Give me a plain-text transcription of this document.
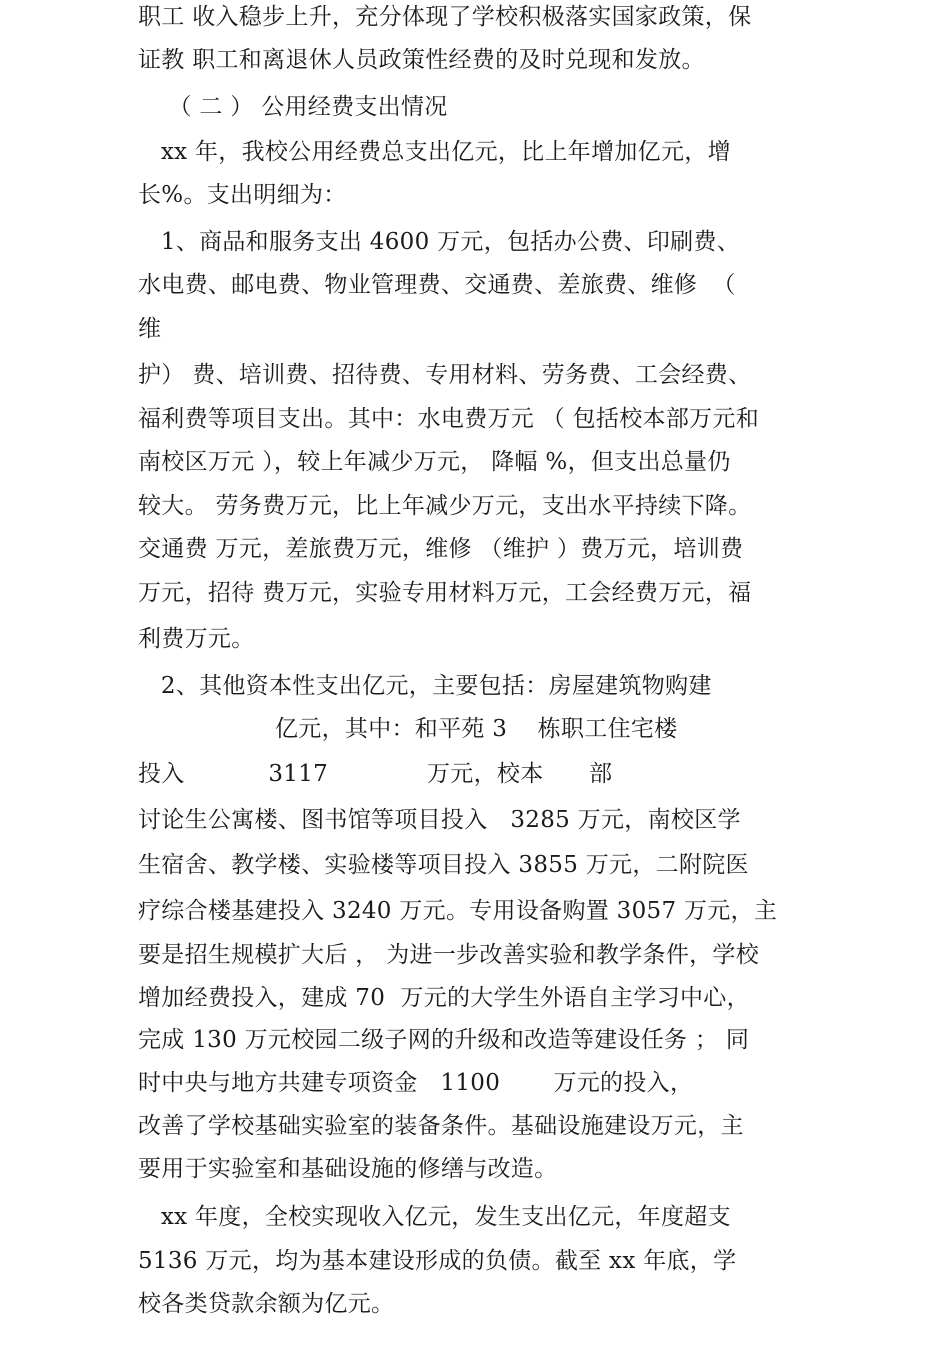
职工 收入稳步上升，充分体现了学校积极落实国家政策，保
证教 职工和离退休人员政策性经费的及时兑现和发放。
（ 二 ） 公用经费支出情况
xx 年，我校公用经费总支出亿元，比上年增加亿元，增
长%。支出明细为：
1、商品和服务支出 4600 万元，包括办公费、印刷费、
水电费、邮电费、物业管理费、交通费、差旅费、维修  （
维
护） 费、培训费、招待费、专用材料、劳务费、工会经费、
福利费等项目支出。其中：水电费万元 （ 包括校本部万元和
南校区万元 ），较上年减少万元， 降幅 %，但支出总量仍
较大。 劳务费万元，比上年减少万元，支出水平持续下降。
交通费 万元，差旅费万元，维修 （维护 ）费万元，培训费
万元，招待 费万元，实验专用材料万元，工会经费万元，福
利费万元。
2、其他资本性支出亿元，主要包括：房屋建筑物购建
亿元，其中：和平苑 3    栋职工住宅楼
投入           3117             万元，校本      部
讨论生公寓楼、图书馆等项目投入   3285 万元，南校区学
生宿舍、教学楼、实验楼等项目投入 3855 万元，二附院医
疗综合楼基建投入 3240 万元。专用设备购置 3057 万元，主
要是招生规模扩大后 ， 为进一步改善实验和教学条件，学校
增加经费投入，建成 70  万元的大学生外语自主学习中心，
完成 130 万元校园二级子网的升级和改造等建设任务 ； 同
时中央与地方共建专项资金   1100       万元的投入，
改善了学校基础实验室的装备条件。基础设施建设万元，主
要用于实验室和基础设施的修缮与改造。
xx 年度，全校实现收入亿元，发生支出亿元，年度超支
5136 万元，均为基本建设形成的负债。截至 xx 年底，学
校各类贷款余额为亿元。
